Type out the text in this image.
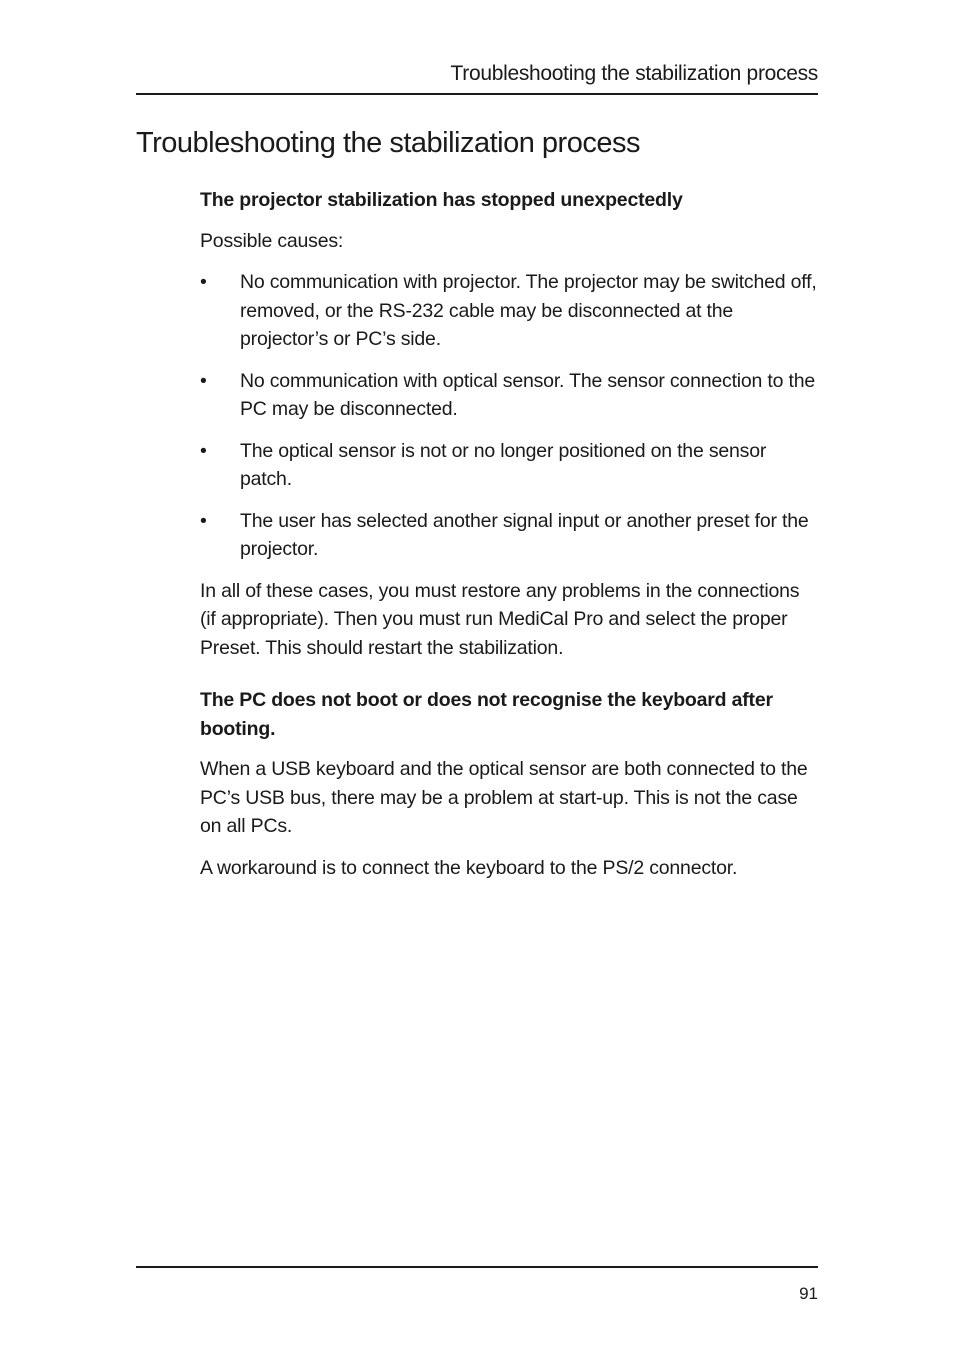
Troubleshooting the stabilization process
Troubleshooting the stabilization process
The projector stabilization has stopped unexpectedly

Possible causes:

• No communication with projector. The projector may be switched off, removed, or the RS-232 cable may be disconnected at the projector’s or PC’s side.
• No communication with optical sensor. The sensor connection to the PC may be disconnected.
• The optical sensor is not or no longer positioned on the sensor patch.
• The user has selected another signal input or another preset for the projector.

In all of these cases, you must restore any problems in the connections (if appropriate). Then you must run MediCal Pro and select the proper Preset. This should restart the stabilization.

The PC does not boot or does not recognise the keyboard after booting.

When a USB keyboard and the optical sensor are both connected to the PC’s USB bus, there may be a problem at start-up. This is not the case on all PCs.

A workaround is to connect the keyboard to the PS/2 connector.

91
